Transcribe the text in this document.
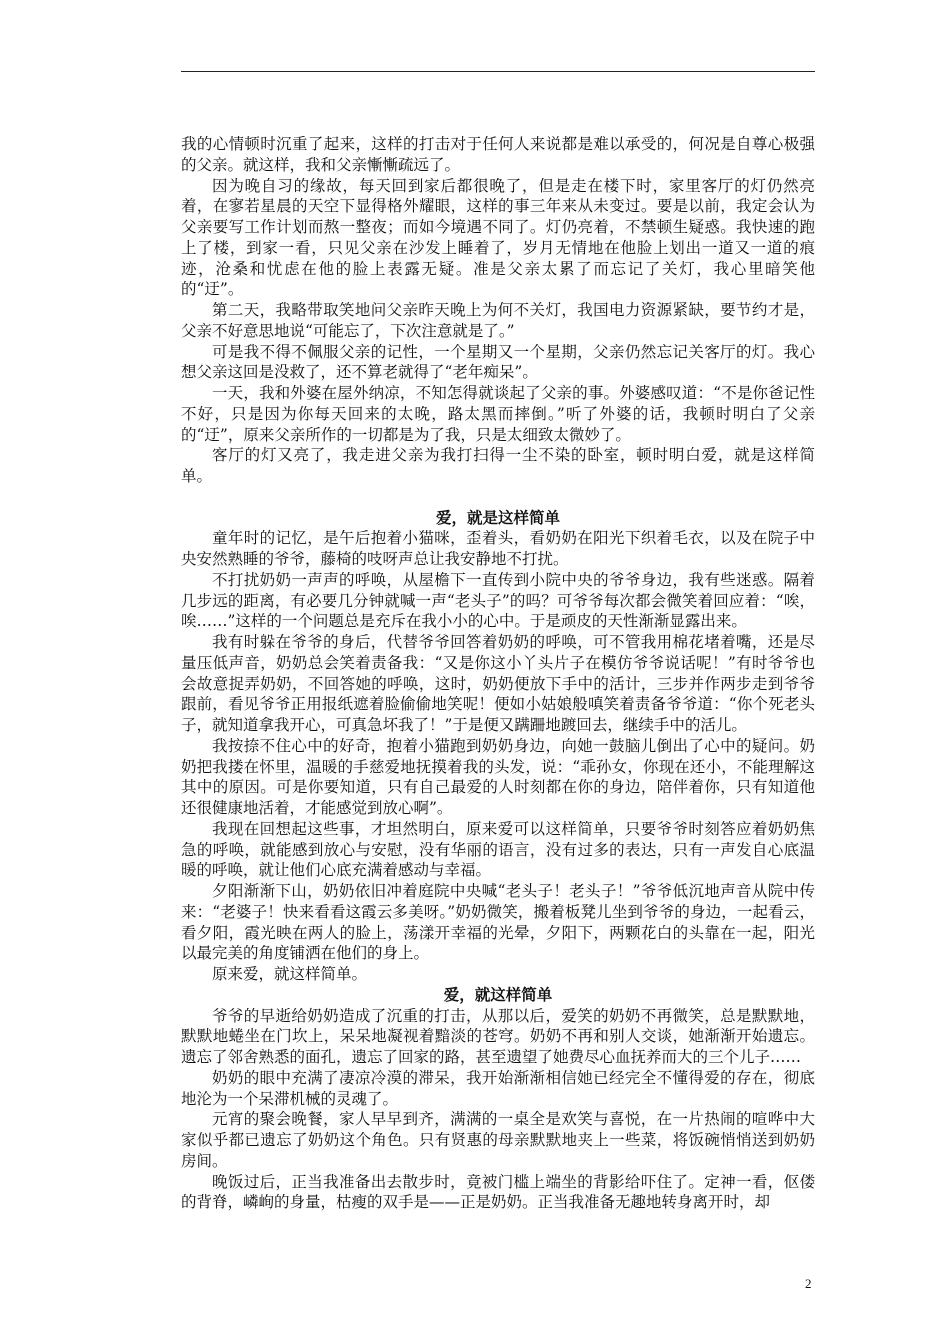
我的心情顿时沉重了起来，这样的打击对于任何人来说都是难以承受的，何况是自尊心极强的父亲。就这样，我和父亲慚慚疏远了。

因为晚自习的缘故，每天回到家后都很晚了，但是走在楼下时，家里客厅的灯仍然亮着，在寥若星晨的天空下显得格外耀眼，这样的事三年来从未变过。要是以前，我定会认为父亲要写工作计划而熬一整夜；而如今境遇不同了。灯仍亮着，不禁顿生疑惑。我快速的跑上了楼，到家一看，只见父亲在沙发上睡着了，岁月无情地在他脸上划出一道又一道的痕迹，沧桑和忧虑在他的脸上表露无疑。准是父亲太累了而忘记了关灯，我心里暗笑他的“迂”。

第二天，我略带取笑地问父亲昨天晚上为何不关灯，我国电力资源紧缺，要节约才是，父亲不好意思地说“可能忘了，下次注意就是了。”

可是我不得不佩服父亲的记性，一个星期又一个星期，父亲仍然忘记关客厅的灯。我心想父亲这回是没救了，还不算老就得了“老年痴呆”。

一天，我和外婆在屋外纳凉，不知怎得就谈起了父亲的事。外婆感叹道：“不是你爸记性不好，只是因为你每天回来的太晚，路太黑而摔倒。”听了外婆的话，我顿时明白了父亲的“迂”，原来父亲所作的一切都是为了我，只是太细致太微妙了。

客厅的灯又亮了，我走进父亲为我打扫得一尘不染的卧室，顿时明白爱，就是这样简单。

爱，就是这样简单

童年时的记忆，是午后抱着小猫咪，歪着头，看奶奶在阳光下织着毛衣，以及在院子中央安然熟睡的爷爷，藤椅的吱呀声总让我安静地不打扰。

不打扰奶奶一声声的呼唤，从屋檐下一直传到小院中央的爷爷身边，我有些迷惑。隔着几步远的距离，有必要几分钟就喊一声“老头子”的吗？可爷爷每次都会微笑着回应着：“唉，唉……”这样的一个问题总是充斥在我小小的心中。于是顽皮的天性渐渐显露出来。

我有时躲在爷爷的身后，代替爷爷回答着奶奶的呼唤，可不管我用棉花堵着嘴，还是尽量压低声音，奶奶总会笑着责备我：“又是你这小丫头片子在模仿爷爷说话呢！”有时爷爷也会故意捉弄奶奶，不回答她的呼唤，这时，奶奶便放下手中的活计，三步并作两步走到爷爷跟前，看见爷爷正用报纸遮着脸偷偷地笑呢！便如小姑娘般嗔笑着责备爷爷道：“你个死老头子，就知道拿我开心，可真急坏我了！”于是便又蹒跚地踱回去，继续手中的活儿。

我按捺不住心中的好奇，抱着小猫跑到奶奶身边，向她一鼓脑儿倒出了心中的疑问。奶奶把我搂在怀里，温暖的手慈爱地抚摸着我的头发，说：“乖孙女，你现在还小，不能理解这其中的原因。可是你要知道，只有自己最爱的人时刻都在你的身边，陪伴着你，只有知道他还很健康地活着，才能感觉到放心啊”。

我现在回想起这些事，才坦然明白，原来爱可以这样简单，只要爷爷时刻答应着奶奶焦急的呼唤，就能感到放心与安慰，没有华丽的语言，没有过多的表达，只有一声发自心底温暖的呼唤，就让他们心底充满着感动与幸福。

夕阳渐渐下山，奶奶依旧冲着庭院中央喊“老头子！老头子！”爷爷低沉地声音从院中传来：“老婆子！快来看看这霞云多美呀。”奶奶微笑，搬着板凳儿坐到爷爷的身边，一起看云，看夕阳，霞光映在两人的脸上，荡漾开幸福的光晕，夕阳下，两颗花白的头靠在一起，阳光以最完美的角度铺洒在他们的身上。

原来爱，就这样简单。

爱，就这样简单

爷爷的早逝给奶奶造成了沉重的打击，从那以后，爱笑的奶奶不再微笑，总是默默地，默默地蜷坐在门坎上，呆呆地凝视着黯淡的苍穹。奶奶不再和别人交谈，她渐渐开始遗忘。遗忘了邻舍熟悉的面孔，遗忘了回家的路，甚至遗望了她费尽心血抚养而大的三个儿子……

奶奶的眼中充满了凄凉冷漠的滞呆，我开始渐渐相信她已经完全不懂得爱的存在，彻底地沦为一个呆滞机械的灵魂了。

元宵的聚会晚餐，家人早早到齐，满满的一桌全是欢笑与喜悦，在一片热闹的喧哗中大家似乎都已遗忘了奶奶这个角色。只有贤惠的母亲默默地夹上一些菜，将饭碗悄悄送到奶奶房间。

晚饭过后，正当我准备出去散步时，竟被门槛上端坐的背影给吓住了。定神一看，伛偻的背脊，嶙峋的身量，枯瘦的双手是——正是奶奶。正当我准备无趣地转身离开时，却

2
